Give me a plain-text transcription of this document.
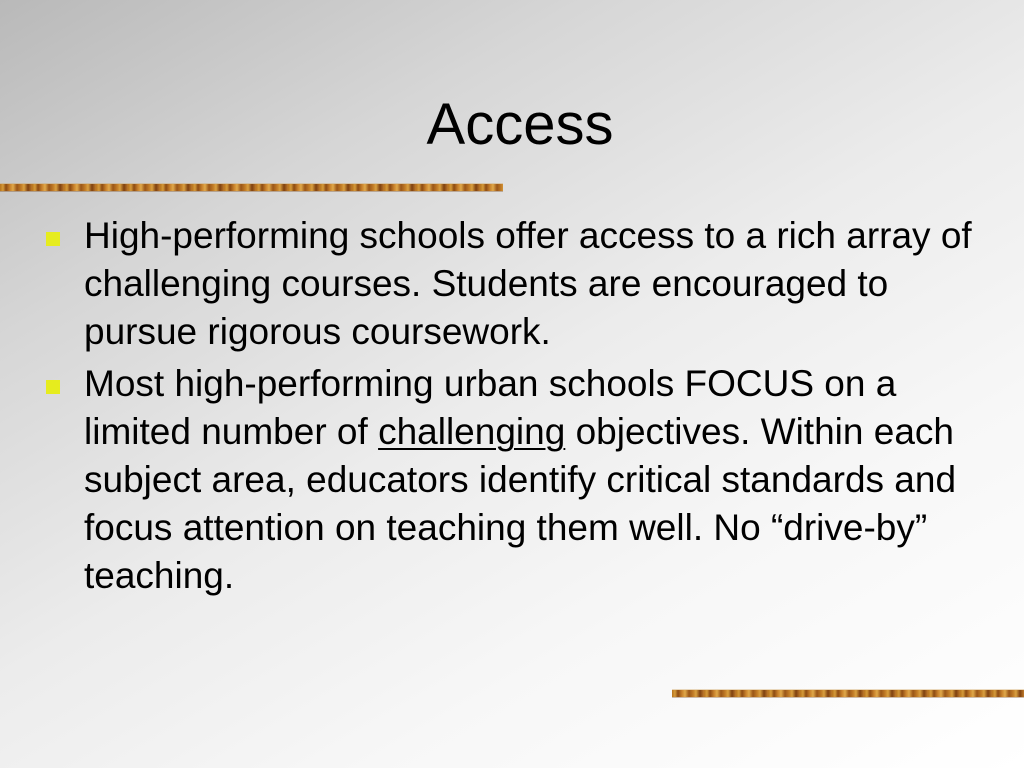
Access
High-performing schools offer access to a rich array of challenging courses. Students are encouraged to pursue rigorous coursework.
Most high-performing urban schools FOCUS on a limited number of challenging objectives. Within each subject area, educators identify critical standards and focus attention on teaching them well. No “drive-by” teaching.
